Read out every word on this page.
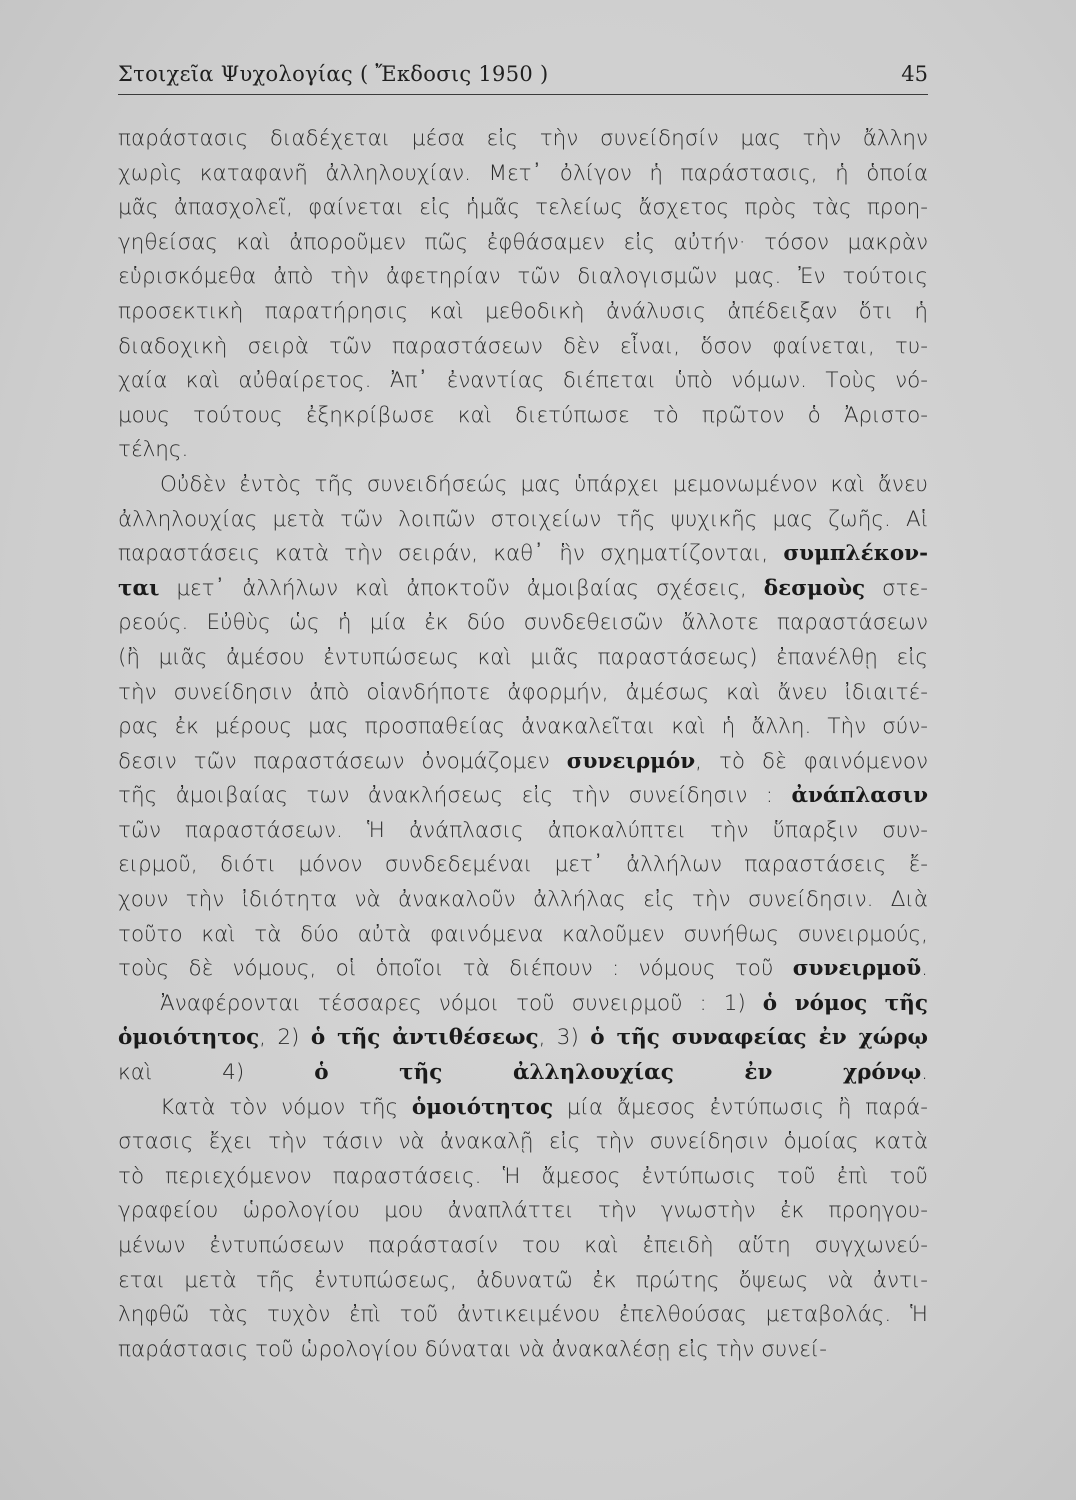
Στοιχεῖα Ψυχολογίας ( Ἔκδοσις 1950 )	45
παράστασις διαδέχεται μέσα εἰς τὴν συνείδησίν μας τὴν ἄλλην
χωρὶς καταφανῆ ἀλληλουχίαν. Μετ᾽ ὀλίγον ἡ παράστασις, ἡ ὁποία
μᾶς ἀπασχολεῖ, φαίνεται εἰς ἡμᾶς τελείως ἄσχετος πρὸς τὰς προη-
γηθείσας καὶ ἀποροῦμεν πῶς ἐφθάσαμεν εἰς αὐτήν· τόσον μακρὰν
εὑρισκόμεθα ἀπὸ τὴν ἀφετηρίαν τῶν διαλογισμῶν μας. Ἐν τούτοις
προσεκτικὴ παρατήρησις καὶ μεθοδικὴ ἀνάλυσις ἀπέδειξαν ὅτι ἡ
διαδοχικὴ σειρὰ τῶν παραστάσεων δὲν εἶναι, ὅσον φαίνεται, τυ-
χαία καὶ αὐθαίρετος. Ἀπ᾽ ἐναντίας διέπεται ὑπὸ νόμων. Τοὺς νό-
μους τούτους ἐξηκρίβωσε καὶ διετύπωσε τὸ πρῶτον ὁ Ἀριστο-
τέλης.
Οὐδὲν ἐντὸς τῆς συνειδήσεώς μας ὑπάρχει μεμονωμένον καὶ ἄνευ
ἀλληλουχίας μετὰ τῶν λοιπῶν στοιχείων τῆς ψυχικῆς μας ζωῆς. Αἱ
παραστάσεις κατὰ τὴν σειράν, καθ᾽ ἣν σχηματίζονται, συμπλέκον-
ται μετ᾽ ἀλλήλων καὶ ἀποκτοῦν ἀμοιβαίας σχέσεις, δεσμοὺς στε-
ρεούς. Εὐθὺς ὡς ἡ μία ἐκ δύο συνδεθεισῶν ἄλλοτε παραστάσεων
(ἢ μιᾶς ἀμέσου ἐντυπώσεως καὶ μιᾶς παραστάσεως) ἐπανέλθῃ εἰς
τὴν συνείδησιν ἀπὸ οἱανδήποτε ἀφορμήν, ἀμέσως καὶ ἄνευ ἰδιαιτέ-
ρας ἐκ μέρους μας προσπαθείας ἀνακαλεῖται καὶ ἡ ἄλλη. Τὴν σύν-
δεσιν τῶν παραστάσεων ὀνομάζομεν συνειρμόν, τὸ δὲ φαινόμενον
τῆς ἀμοιβαίας των ἀνακλήσεως εἰς τὴν συνείδησιν : ἀνάπλασιν
τῶν παραστάσεων. Ἡ ἀνάπλασις ἀποκαλύπτει τὴν ὕπαρξιν συν-
ειρμοῦ, διότι μόνον συνδεδεμέναι μετ᾽ ἀλλήλων παραστάσεις ἔ-
χουν τὴν ἰδιότητα νὰ ἀνακαλοῦν ἀλλήλας εἰς τὴν συνείδησιν. Διὰ
τοῦτο καὶ τὰ δύο αὐτὰ φαινόμενα καλοῦμεν συνήθως συνειρμούς,
τοὺς δὲ νόμους, οἱ ὁποῖοι τὰ διέπουν : νόμους τοῦ συνειρμοῦ.
Ἀναφέρονται τέσσαρες νόμοι τοῦ συνειρμοῦ : 1) ὁ νόμος τῆς
ὁμοιότητος, 2) ὁ τῆς ἀντιθέσεως, 3) ὁ τῆς συναφείας ἐν χώρῳ
καὶ 4) ὁ τῆς ἀλληλουχίας ἐν χρόνῳ.
Κατὰ τὸν νόμον τῆς ὁμοιότητος μία ἄμεσος ἐντύπωσις ἢ παρά-
στασις ἔχει τὴν τάσιν νὰ ἀνακαλῇ εἰς τὴν συνείδησιν ὁμοίας κατὰ
τὸ περιεχόμενον παραστάσεις. Ἡ ἄμεσος ἐντύπωσις τοῦ ἐπὶ τοῦ
γραφείου ὡρολογίου μου ἀναπλάττει τὴν γνωστὴν ἐκ προηγου-
μένων ἐντυπώσεων παράστασίν του καὶ ἐπειδὴ αὕτη συγχωνεύ-
εται μετὰ τῆς ἐντυπώσεως, ἀδυνατῶ ἐκ πρώτης ὄψεως νὰ ἀντι-
ληφθῶ τὰς τυχὸν ἐπὶ τοῦ ἀντικειμένου ἐπελθούσας μεταβολάς. Ἡ
παράστασις τοῦ ὡρολογίου δύναται νὰ ἀνακαλέσῃ εἰς τὴν συνεί-
